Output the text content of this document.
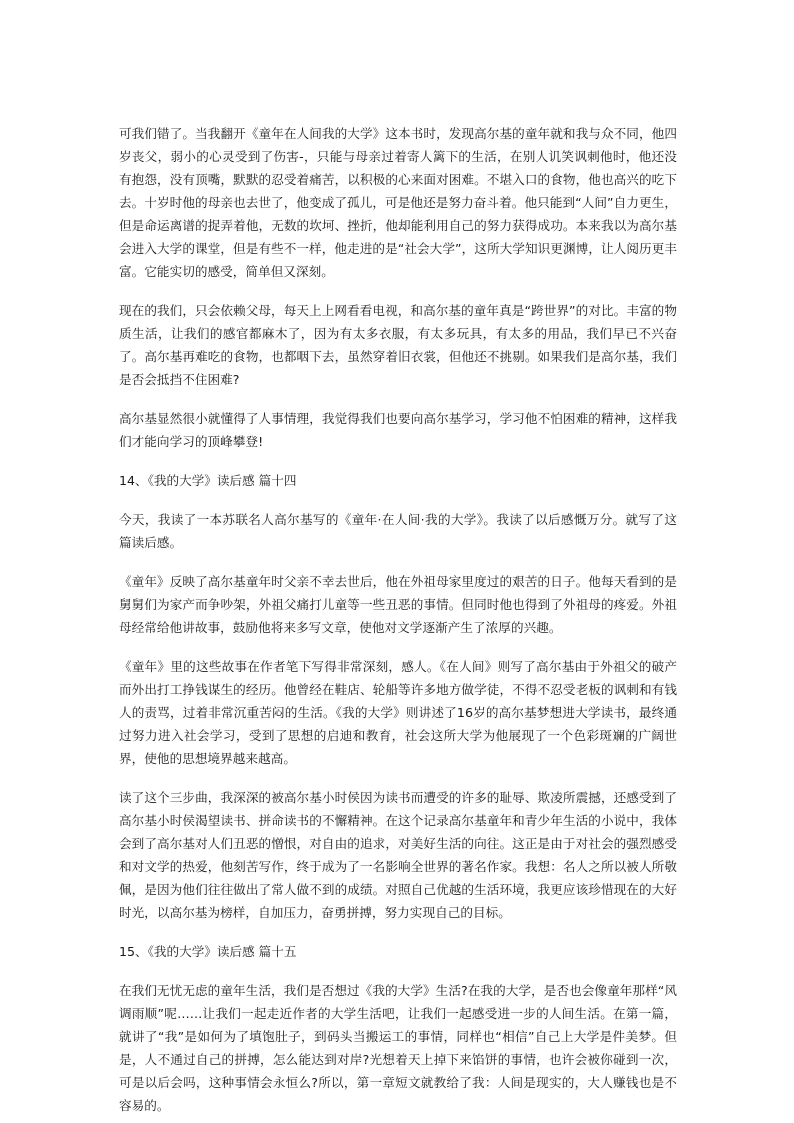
可我们错了。当我翻开《童年在人间我的大学》这本书时，发现高尔基的童年就和我与众不同，他四岁丧父，弱小的心灵受到了伤害-，只能与母亲过着寄人篱下的生活，在别人讥笑讽刺他时，他还没有抱怨，没有顶嘴，默默的忍受着痛苦，以积极的心来面对困难。不堪入口的食物，他也高兴的吃下去。十岁时他的母亲也去世了，他变成了孤儿，可是他还是努力奋斗着。他只能到“人间”自力更生，但是命运离谱的捉弄着他，无数的坎坷、挫折，他却能利用自己的努力获得成功。本来我以为高尔基会进入大学的课堂，但是有些不一样，他走进的是“社会大学”，这所大学知识更渊博，让人阅历更丰富。它能实切的感受，简单但又深刻。

现在的我们，只会依赖父母，每天上上网看看电视，和高尔基的童年真是“跨世界”的对比。丰富的物质生活，让我们的感官都麻木了，因为有太多衣服，有太多玩具，有太多的用品，我们早已不兴奋了。高尔基再难吃的食物，也都咽下去，虽然穿着旧衣裳，但他还不挑剔。如果我们是高尔基，我们是否会抵挡不住困难?

高尔基显然很小就懂得了人事情理，我觉得我们也要向高尔基学习，学习他不怕困难的精神，这样我们才能向学习的顶峰攀登!

14、《我的大学》读后感 篇十四

今天，我读了一本苏联名人高尔基写的《童年·在人间·我的大学》。我读了以后感慨万分。就写了这篇读后感。

《童年》反映了高尔基童年时父亲不幸去世后，他在外祖母家里度过的艰苦的日子。他每天看到的是舅舅们为家产而争吵架，外祖父痛打儿童等一些丑恶的事情。但同时他也得到了外祖母的疼爱。外祖母经常给他讲故事，鼓励他将来多写文章，使他对文学逐渐产生了浓厚的兴趣。

《童年》里的这些故事在作者笔下写得非常深刻，感人。《在人间》则写了高尔基由于外祖父的破产而外出打工挣钱谋生的经历。他曾经在鞋店、轮船等许多地方做学徒，不得不忍受老板的讽刺和有钱人的责骂，过着非常沉重苦闷的生活。《我的大学》则讲述了16岁的高尔基梦想进大学读书，最终通过努力进入社会学习，受到了思想的启迪和教育，社会这所大学为他展现了一个色彩斑斓的广阔世界，使他的思想境界越来越高。

读了这个三步曲，我深深的被高尔基小时侯因为读书而遭受的许多的耻辱、欺凌所震撼，还感受到了高尔基小时侯渴望读书、拼命读书的不懈精神。在这个记录高尔基童年和青少年生活的小说中，我体会到了高尔基对人们丑恶的憎恨，对自由的追求，对美好生活的向往。这正是由于对社会的强烈感受和对文学的热爱，他刻苦写作，终于成为了一名影响全世界的著名作家。我想：名人之所以被人所敬佩，是因为他们往往做出了常人做不到的成绩。对照自己优越的生活环境，我更应该珍惜现在的大好时光，以高尔基为榜样，自加压力，奋勇拼搏，努力实现自己的目标。

15、《我的大学》读后感 篇十五

在我们无忧无虑的童年生活，我们是否想过《我的大学》生活?在我的大学，是否也会像童年那样“风调雨顺”呢……让我们一起走近作者的大学生活吧，让我们一起感受进一步的人间生活。在第一篇，就讲了“我”是如何为了填饱肚子，到码头当搬运工的事情，同样也“相信”自己上大学是件美梦。但是，人不通过自己的拼搏，怎么能达到对岸?光想着天上掉下来馅饼的事情，也许会被你碰到一次，可是以后会吗，这种事情会永恒么?所以，第一章短文就教给了我：人间是现实的，大人赚钱也是不容易的。
